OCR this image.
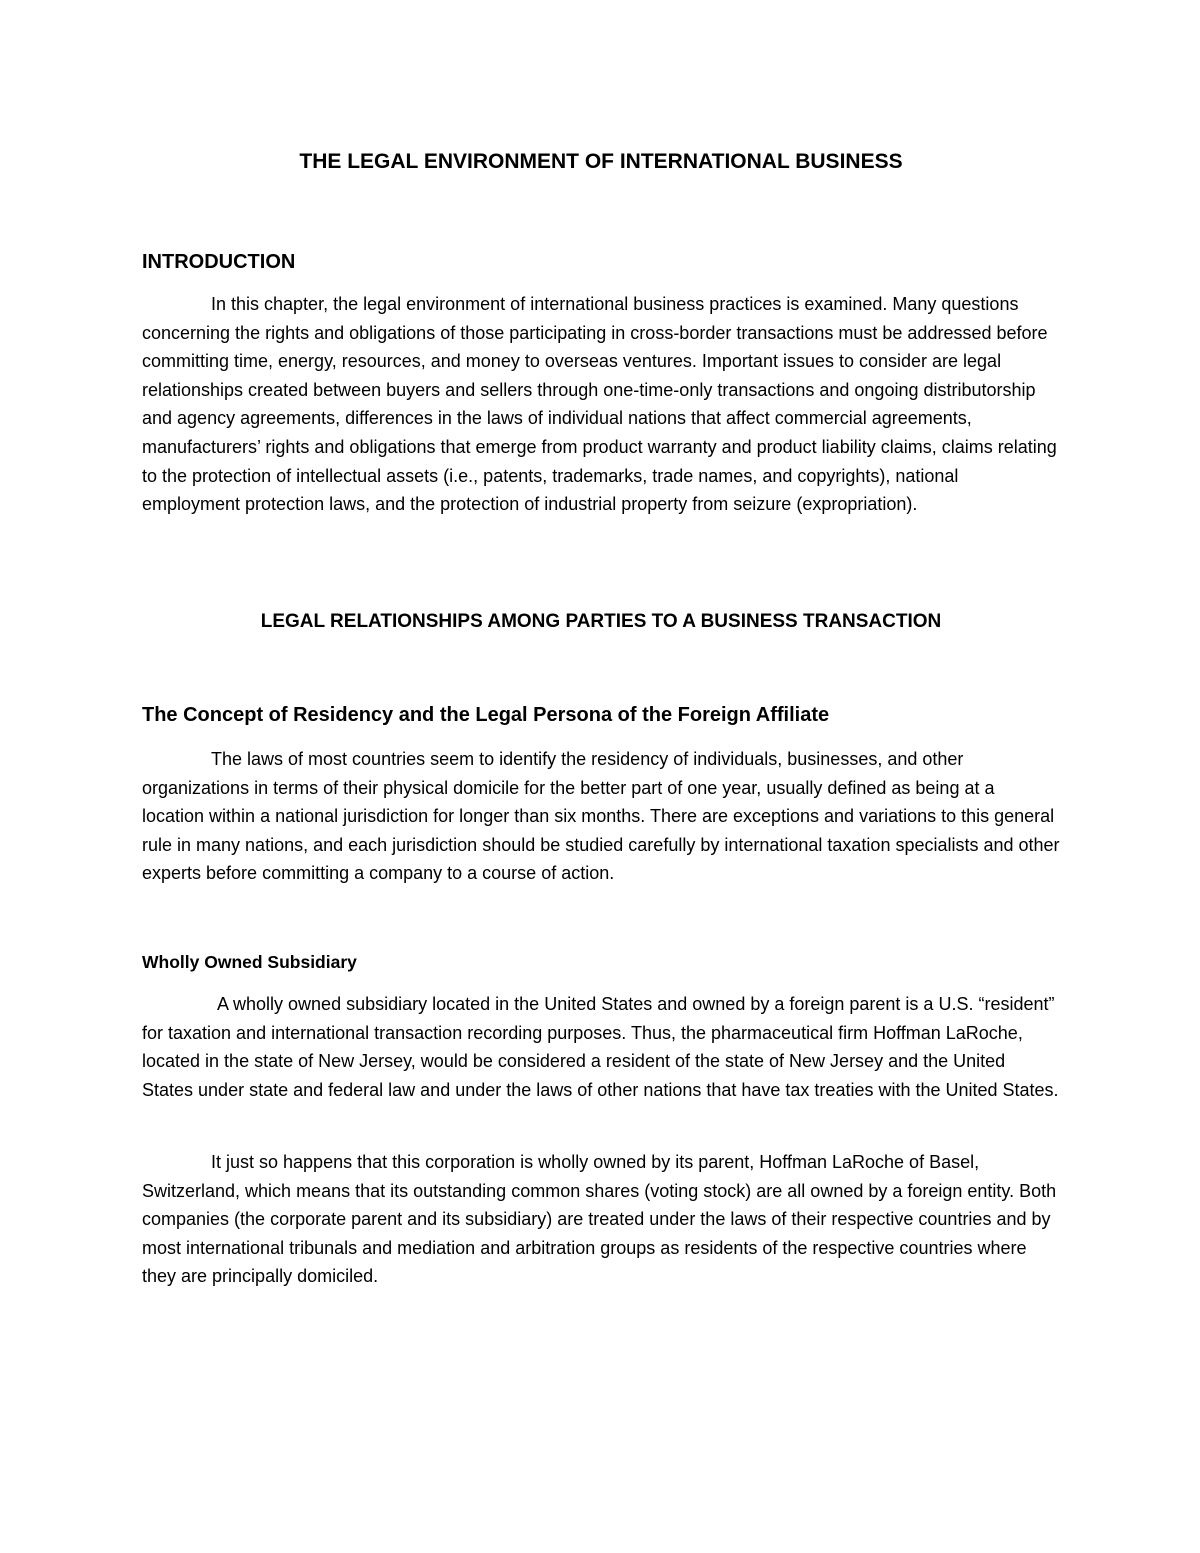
THE LEGAL ENVIRONMENT OF INTERNATIONAL BUSINESS
INTRODUCTION

In this chapter, the legal environment of international business practices is examined. Many questions concerning the rights and obligations of those participating in cross-border transactions must be addressed before committing time, energy, resources, and money to overseas ventures. Important issues to consider are legal relationships created between buyers and sellers through one-time-only transactions and ongoing distributorship and agency agreements, differences in the laws of individual nations that affect commercial agreements, manufacturers’ rights and obligations that emerge from product warranty and product liability claims, claims relating to the protection of intellectual assets (i.e., patents, trademarks, trade names, and copyrights), national employment protection laws, and the protection of industrial property from seizure (expropriation).

LEGAL RELATIONSHIPS AMONG PARTIES TO A BUSINESS TRANSACTION
The Concept of Residency and the Legal Persona of the Foreign Affiliate

The laws of most countries seem to identify the residency of individuals, businesses, and other organizations in terms of their physical domicile for the better part of one year, usually defined as being at a location within a national jurisdiction for longer than six months. There are exceptions and variations to this general rule in many nations, and each jurisdiction should be studied carefully by international taxation specialists and other experts before committing a company to a course of action.

Wholly Owned Subsidiary

A wholly owned subsidiary located in the United States and owned by a foreign parent is a U.S. “resident” for taxation and international transaction recording purposes. Thus, the pharmaceutical firm Hoffman LaRoche, located in the state of New Jersey, would be considered a resident of the state of New Jersey and the United States under state and federal law and under the laws of other nations that have tax treaties with the United States.

It just so happens that this corporation is wholly owned by its parent, Hoffman LaRoche of Basel, Switzerland, which means that its outstanding common shares (voting stock) are all owned by a foreign entity. Both companies (the corporate parent and its subsidiary) are treated under the laws of their respective countries and by most international tribunals and mediation and arbitration groups as residents of the respective countries where they are principally domiciled.
